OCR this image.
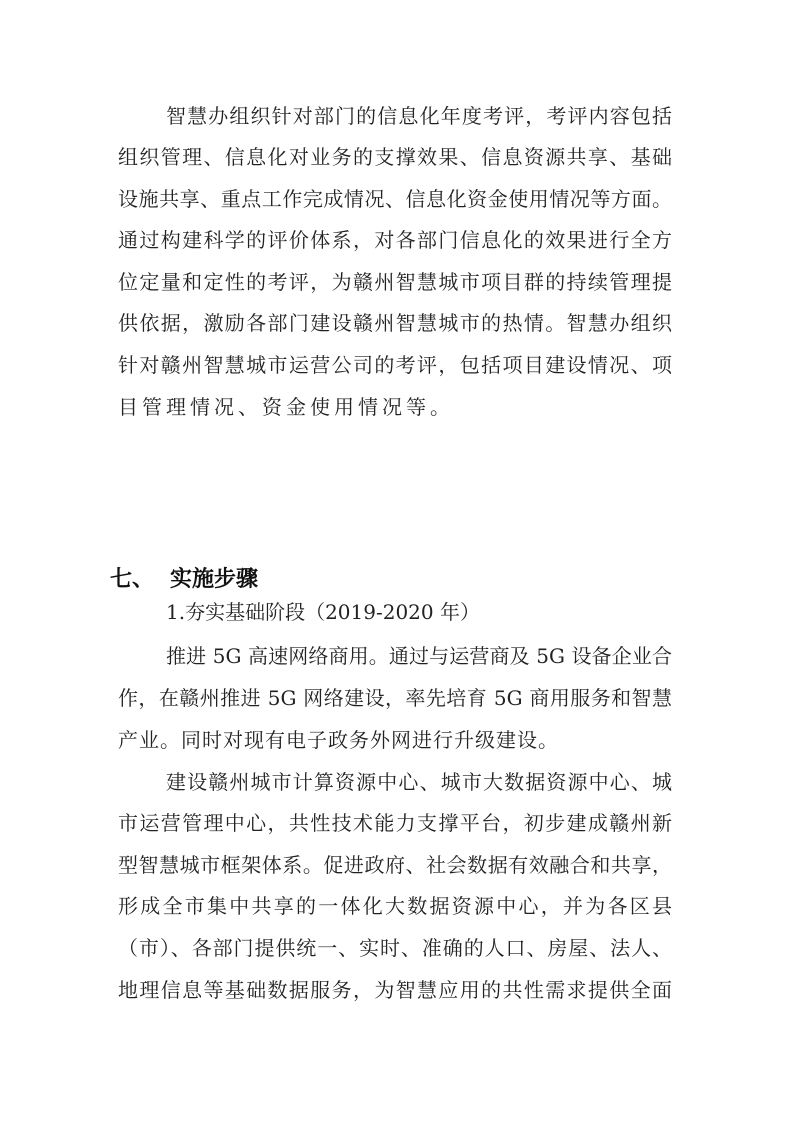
智慧办组织针对部门的信息化年度考评，考评内容包括
组织管理、信息化对业务的支撑效果、信息资源共享、基础
设施共享、重点工作完成情况、信息化资金使用情况等方面。
通过构建科学的评价体系，对各部门信息化的效果进行全方
位定量和定性的考评，为赣州智慧城市项目群的持续管理提
供依据，激励各部门建设赣州智慧城市的热情。智慧办组织
针对赣州智慧城市运营公司的考评，包括项目建设情况、项
目管理情况、资金使用情况等。
七、 实施步骤
1.夯实基础阶段（2019-2020 年）
推进 5G 高速网络商用。通过与运营商及 5G 设备企业合
作，在赣州推进 5G 网络建设，率先培育 5G 商用服务和智慧
产业。同时对现有电子政务外网进行升级建设。
建设赣州城市计算资源中心、城市大数据资源中心、城
市运营管理中心，共性技术能力支撑平台，初步建成赣州新
型智慧城市框架体系。促进政府、社会数据有效融合和共享，
形成全市集中共享的一体化大数据资源中心，并为各区县
（市）、各部门提供统一、实时、准确的人口、房屋、法人、
地理信息等基础数据服务，为智慧应用的共性需求提供全面
